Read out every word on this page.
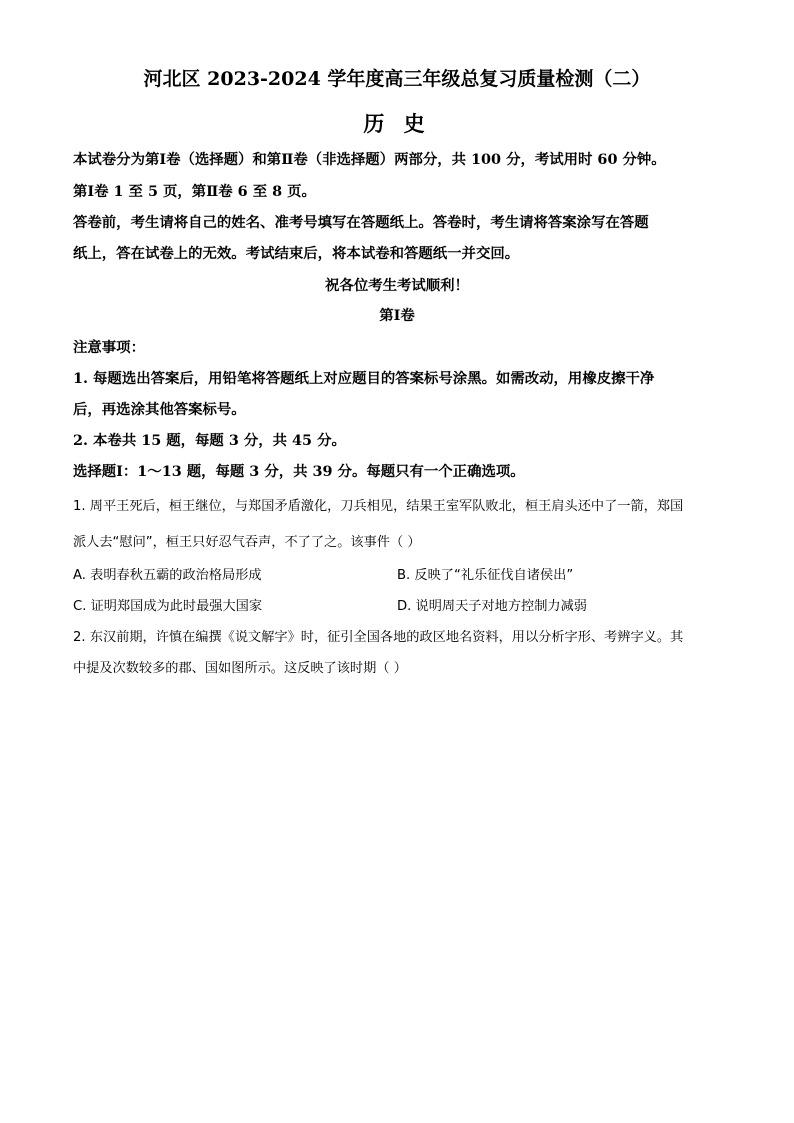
河北区 2023-2024 学年度高三年级总复习质量检测（二）
历 史
本试卷分为第Ⅰ卷（选择题）和第Ⅱ卷（非选择题）两部分，共 100 分，考试用时 60 分钟。
第Ⅰ卷 1 至 5 页，第Ⅱ卷 6 至 8 页。
答卷前，考生请将自己的姓名、准考号填写在答题纸上。答卷时，考生请将答案涂写在答题
纸上，答在试卷上的无效。考试结束后，将本试卷和答题纸一并交回。
祝各位考生考试顺利！
第Ⅰ卷
注意事项：
1. 每题选出答案后，用铅笔将答题纸上对应题目的答案标号涂黑。如需改动，用橡皮擦干净
后，再选涂其他答案标号。
2. 本卷共 15 题，每题 3 分，共 45 分。
选择题Ⅰ：1～13 题，每题 3 分，共 39 分。每题只有一个正确选项。
1. 周平王死后，桓王继位，与郑国矛盾激化，刀兵相见，结果王室军队败北，桓王肩头还中了一箭，郑国
派人去“慰问”，桓王只好忍气吞声，不了了之。该事件（ ）
A. 表明春秋五霸的政治格局形成	B. 反映了“礼乐征伐自诸侯出”
C. 证明郑国成为此时最强大国家	D. 说明周天子对地方控制力减弱
2. 东汉前期，许慎在编撰《说文解字》时，征引全国各地的政区地名资料，用以分析字形、考辨字义。其
中提及次数较多的郡、国如图所示。这反映了该时期（ ）
